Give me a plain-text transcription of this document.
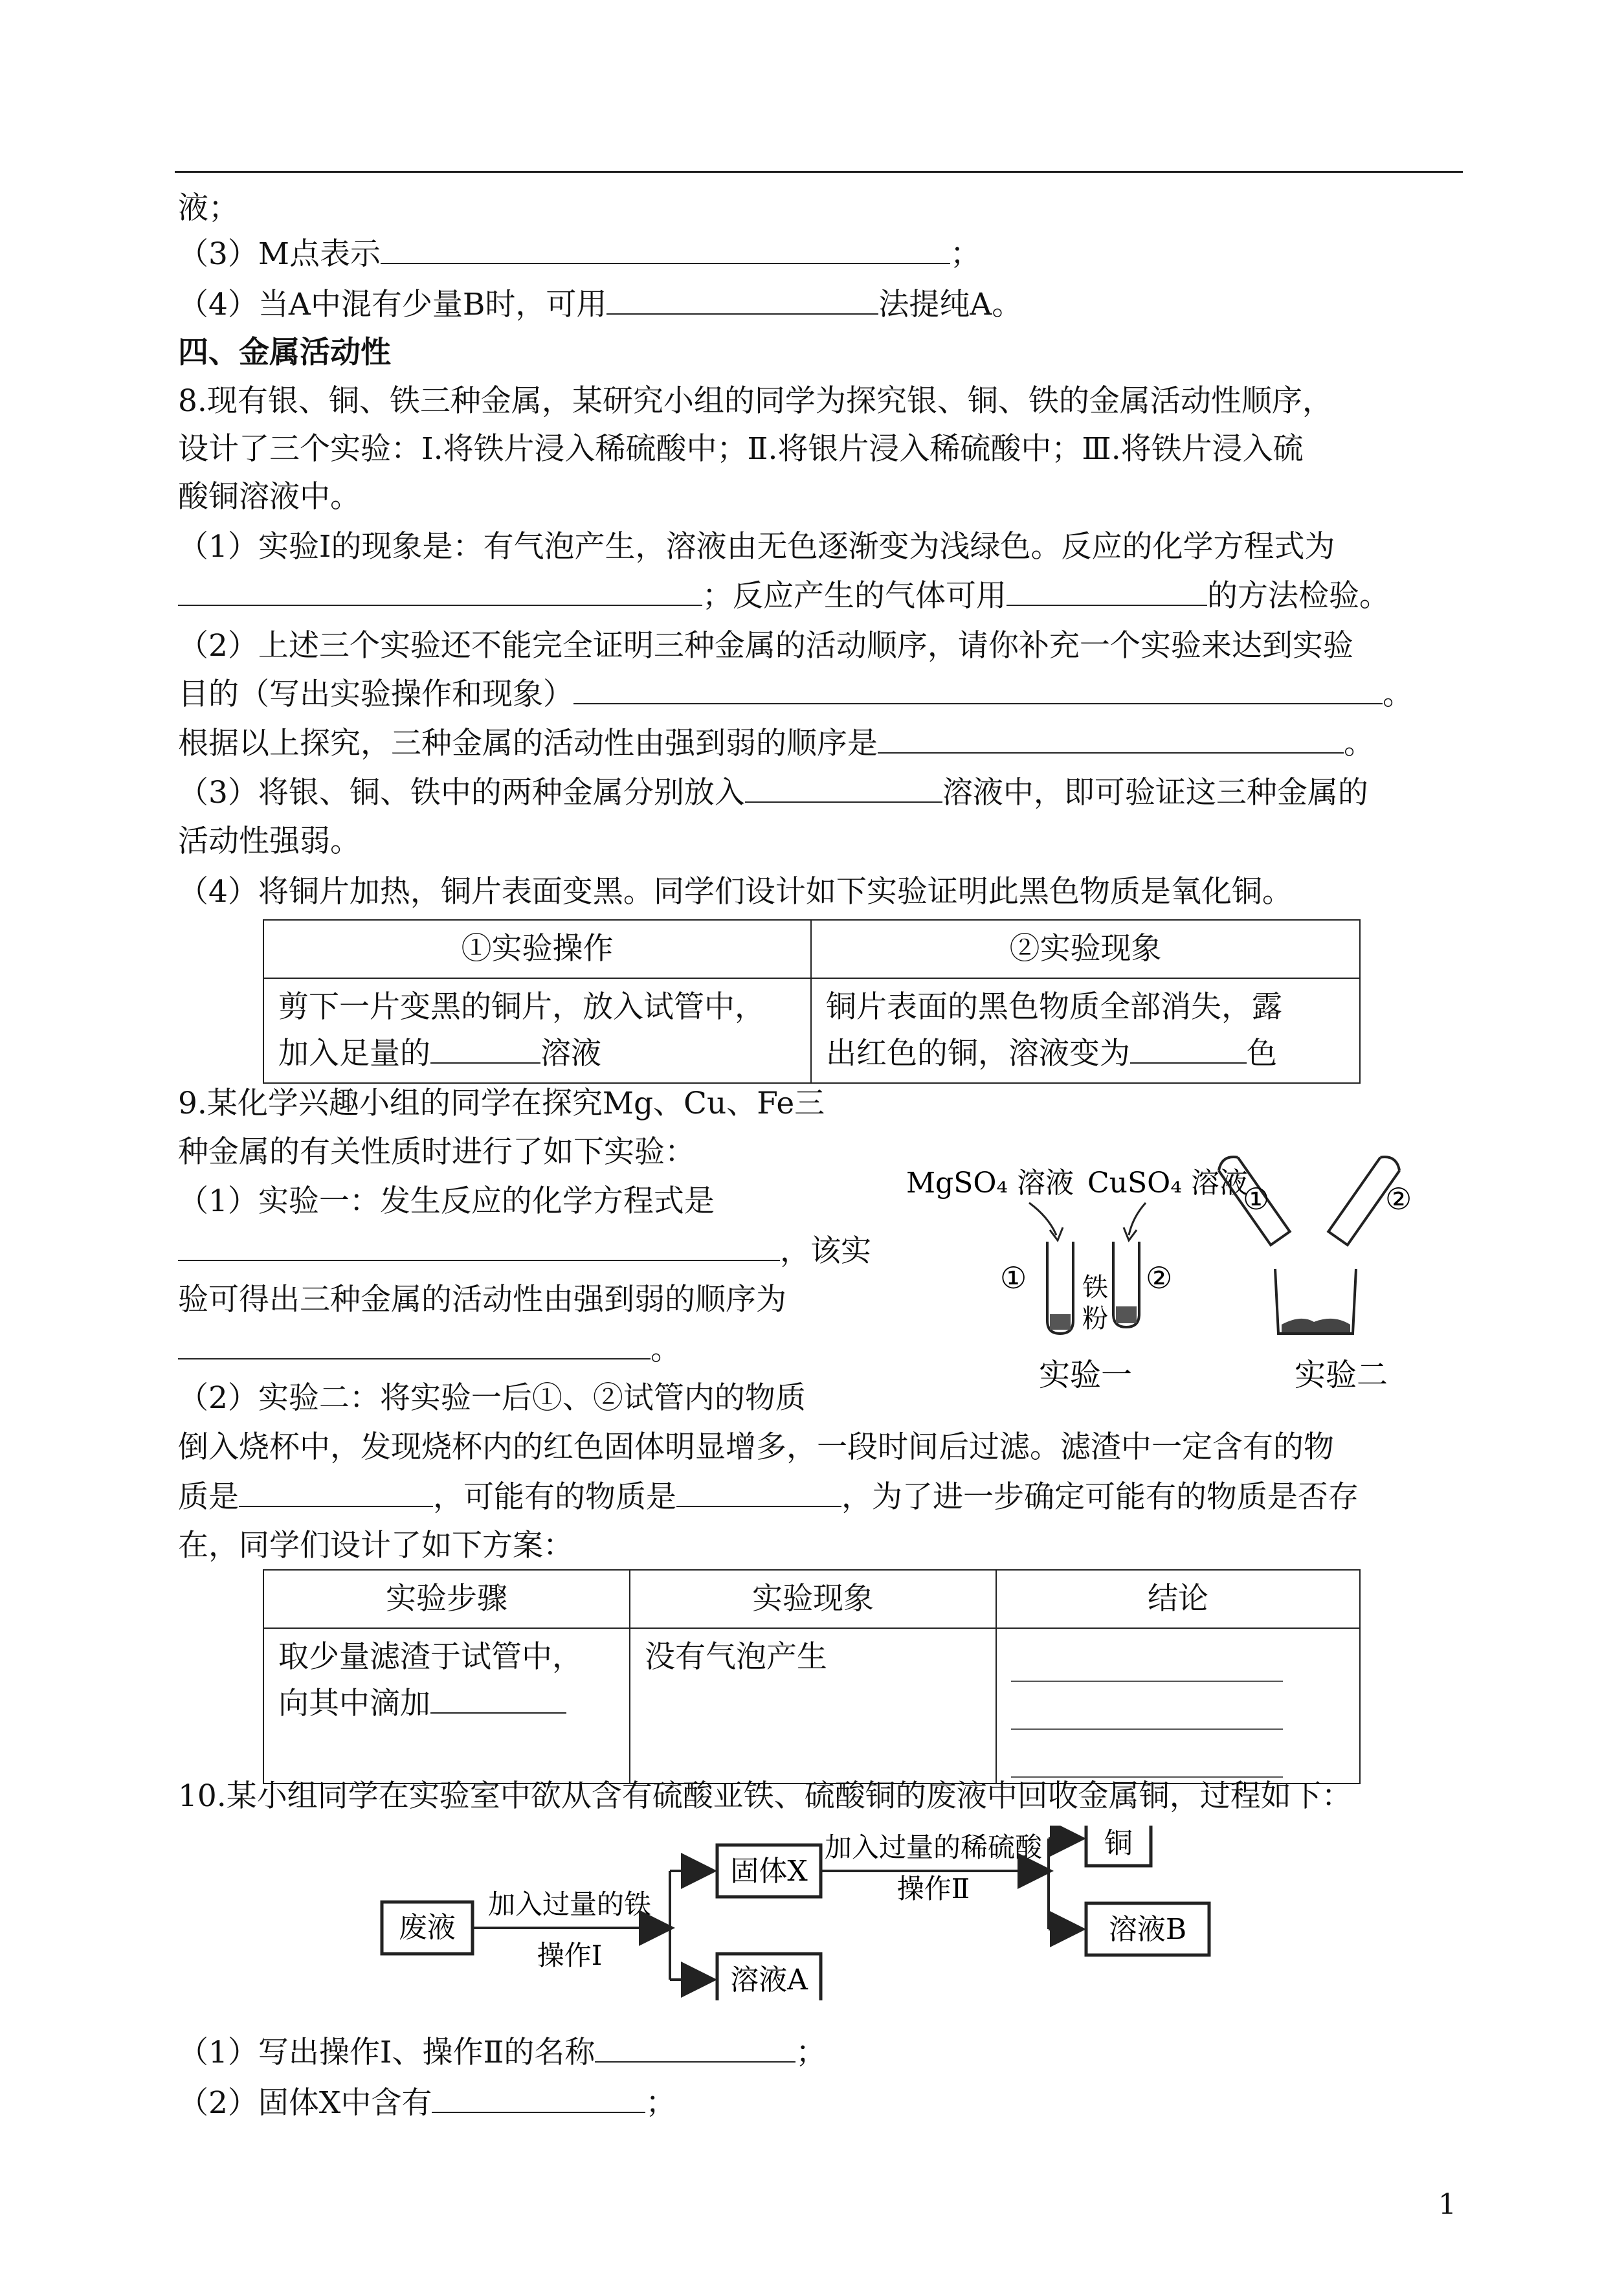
液；
（3）M点表示	；
（4）当A中混有少量B时，可用	法提纯A。
四、金属活动性
8.现有银、铜、铁三种金属，某研究小组的同学为探究银、铜、铁的金属活动性顺序，
设计了三个实验：Ⅰ.将铁片浸入稀硫酸中；Ⅱ.将银片浸入稀硫酸中；Ⅲ.将铁片浸入硫
酸铜溶液中。
（1）实验Ⅰ的现象是：有气泡产生，溶液由无色逐渐变为浅绿色。反应的化学方程式为
；反应产生的气体可用	的方法检验。
（2）上述三个实验还不能完全证明三种金属的活动顺序，请你补充一个实验来达到实验
目的（写出实验操作和现象）	。
根据以上探究，三种金属的活动性由强到弱的顺序是	。
（3）将银、铜、铁中的两种金属分别放入	溶液中，即可验证这三种金属的
活动性强弱。
（4）将铜片加热，铜片表面变黑。同学们设计如下实验证明此黑色物质是氧化铜。
①实验操作	②实验现象
剪下一片变黑的铜片，放入试管中，
加入足量的 溶液	铜片表面的黑色物质全部消失，露
出红色的铜，溶液变为 色
9.某化学兴趣小组的同学在探究Mg、Cu、Fe三
种金属的有关性质时进行了如下实验：
（1）实验一：发生反应的化学方程式是
，该实
验可得出三种金属的活动性由强到弱的顺序为
。
（2）实验二：将实验一后①、②试管内的物质
倒入烧杯中，发现烧杯内的红色固体明显增多，一段时间后过滤。滤渣中一定含有的物
质是	，可能有的物质是	，为了进一步确定可能有的物质是否存
在，同学们设计了如下方案：
MgSO₄ 溶液 CuSO₄ 溶液
①	②
铁
粉
实验一
①	②
实验二
实验步骤	实验现象	结论
取少量滤渣于试管中，
向其中滴加	没有气泡产生	
10.某小组同学在实验室中欲从含有硫酸亚铁、硫酸铜的废液中回收金属铜，过程如下：
废液
加入过量的铁
操作Ⅰ
固体X
溶液A
加入过量的稀硫酸
操作Ⅱ
铜
溶液B
（1）写出操作Ⅰ、操作Ⅱ的名称	；
（2）固体X中含有	；
1
